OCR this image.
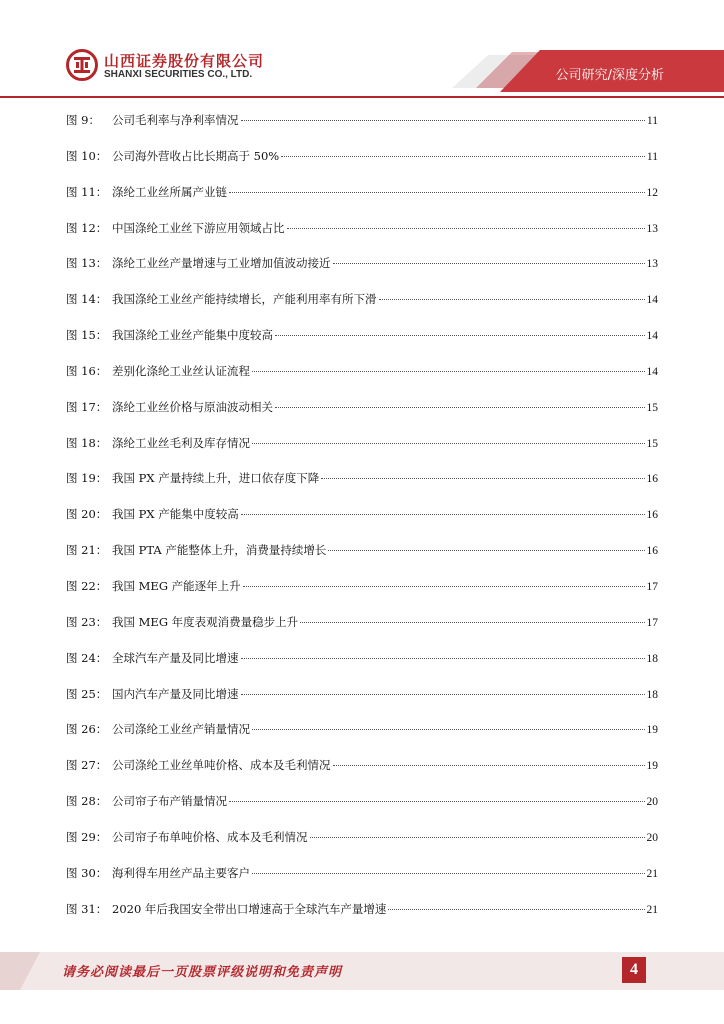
山西证券股份有限公司
SHANXI SECURITIES CO., LTD.	公司研究/深度分析
图 9：	公司毛利率与净利率情况	11
图 10： 公司海外营收占比长期高于 50%	11
图 11： 涤纶工业丝所属产业链	12
图 12： 中国涤纶工业丝下游应用领域占比	13
图 13： 涤纶工业丝产量增速与工业增加值波动接近	13
图 14： 我国涤纶工业丝产能持续增长，产能利用率有所下滑	14
图 15： 我国涤纶工业丝产能集中度较高	14
图 16： 差别化涤纶工业丝认证流程	14
图 17： 涤纶工业丝价格与原油波动相关	15
图 18： 涤纶工业丝毛利及库存情况	15
图 19： 我国 PX 产量持续上升，进口依存度下降	16
图 20： 我国 PX 产能集中度较高	16
图 21： 我国 PTA 产能整体上升，消费量持续增长	16
图 22： 我国 MEG 产能逐年上升	17
图 23： 我国 MEG 年度表观消费量稳步上升	17
图 24： 全球汽车产量及同比增速	18
图 25： 国内汽车产量及同比增速	18
图 26： 公司涤纶工业丝产销量情况	19
图 27： 公司涤纶工业丝单吨价格、成本及毛利情况	19
图 28： 公司帘子布产销量情况	20
图 29： 公司帘子布单吨价格、成本及毛利情况	20
图 30： 海利得车用丝产品主要客户	21
图 31： 2020 年后我国安全带出口增速高于全球汽车产量增速	21
请务必阅读最后一页股票评级说明和免责声明	4
